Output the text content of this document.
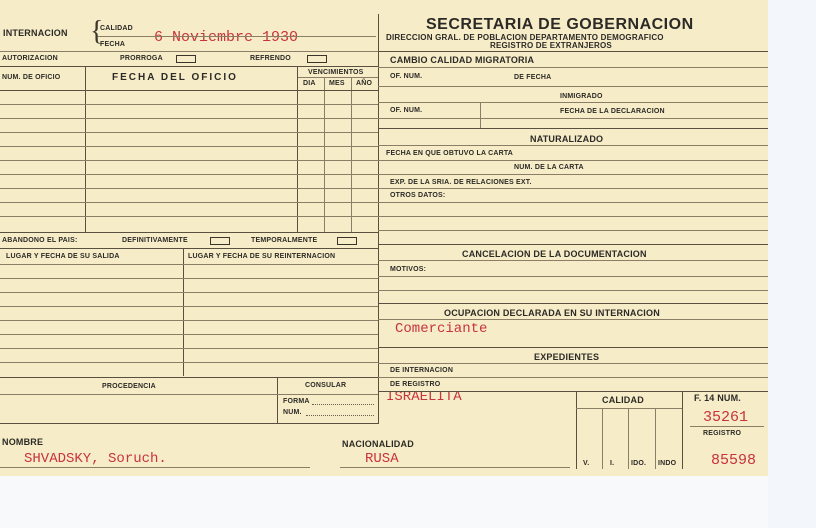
INTERNACION {
CALIDAD
FECHA 6 Noviembre 1930
AUTORIZACION	PRORROGA	REFRENDO
NUM. DE OFICIO	FECHA DEL OFICIO	VENCIMIENTOS
DIA MES AÑO
ABANDONO EL PAIS:	DEFINITIVAMENTE	TEMPORALMENTE
LUGAR Y FECHA DE SU SALIDA	LUGAR Y FECHA DE SU REINTERNACION
PROCEDENCIA	CONSULAR
FORMA
NUM.
SECRETARIA DE GOBERNACION
DIRECCION GRAL. DE POBLACION DEPARTAMENTO DEMOGRAFICO
REGISTRO DE EXTRANJEROS
CAMBIO CALIDAD MIGRATORIA
OF. NUM.	DE FECHA
INMIGRADO
OF. NUM.	FECHA DE LA DECLARACION
NATURALIZADO
FECHA EN QUE OBTUVO LA CARTA
NUM. DE LA CARTA
EXP. DE LA SRIA. DE RELACIONES EXT.
OTROS DATOS:
CANCELACION DE LA DOCUMENTACION
MOTIVOS:
OCUPACION DECLARADA EN SU INTERNACION
Comerciante
EXPEDIENTES
DE INTERNACION
DE REGISTRO
ISRAELITA	CALIDAD
V.	I. IDO. INDO
F. 14 NUM.
35261
REGISTRO
85598
NOMBRE
SHVADSKY, Soruch.
NACIONALIDAD
RUSA
